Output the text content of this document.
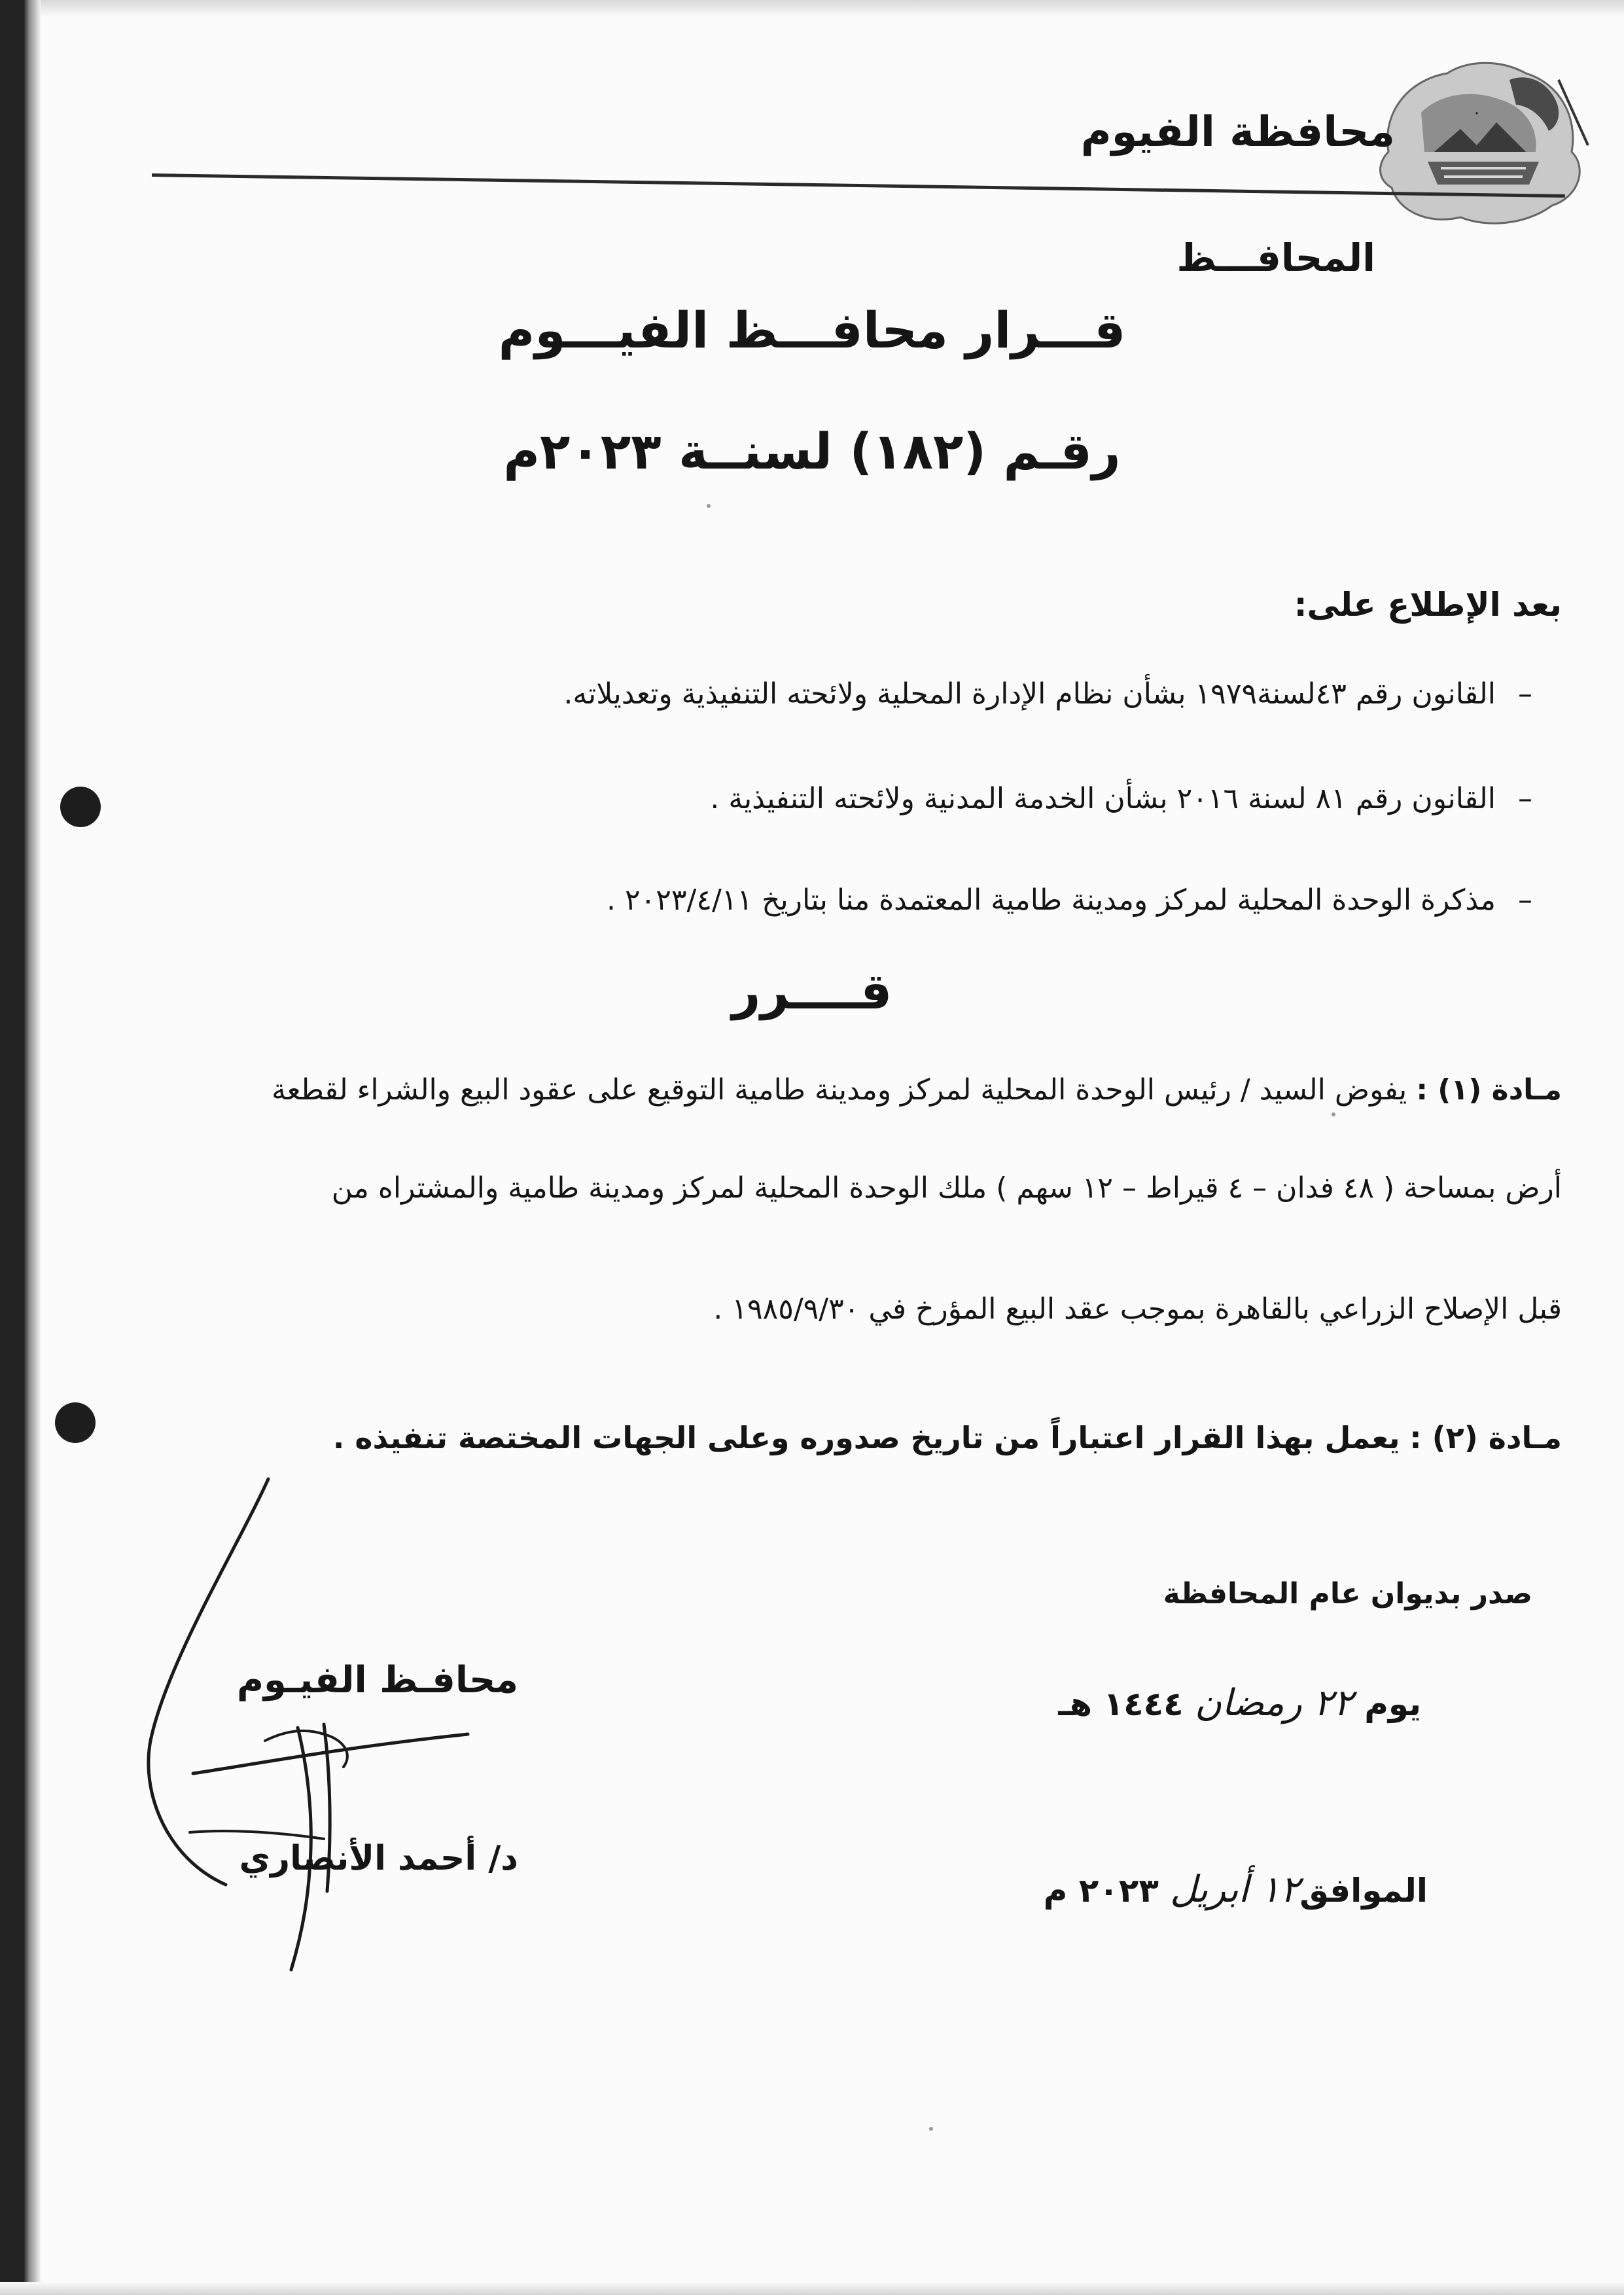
·
محافظة الفيوم
المحافـــظ
قـــرار محافـــظ الفيـــوم
رقـم (١٨٢) لسنــة ٢٠٢٣م
بعد الإطلاع على:
–القانون رقم ٤٣لسنة١٩٧٩ بشأن نظام الإدارة المحلية ولائحته التنفيذية وتعديلاته.
–القانون رقم ٨١ لسنة ٢٠١٦ بشأن الخدمة المدنية ولائحته التنفيذية .
–مذكرة الوحدة المحلية لمركز ومدينة طامية المعتمدة منا بتاريخ ٢٠٢٣/٤/١١ .
قــــرر
مـادة (١) : يفوض السيد / رئيس الوحدة المحلية لمركز ومدينة طامية التوقيع على عقود البيع والشراء لقطعة
أرض بمساحة ( ٤٨ فدان – ٤ قيراط – ١٢ سهم ) ملك الوحدة المحلية لمركز ومدينة طامية والمشتراه من
قبل الإصلاح الزراعي بالقاهرة بموجب عقد البيع المؤرخ في ١٩٨٥/٩/٣٠ .
مـادة (٢) : يعمل بهذا القرار اعتباراً من تاريخ صدوره وعلى الجهات المختصة تنفيذه .
صدر بديوان عام المحافظة
يوم ٢٢ رمضان ١٤٤٤ هـ
الموافق١٢ أبريل ٢٠٢٣ م
محافـظ الفيـوم
د/ أحمد الأنصاري
